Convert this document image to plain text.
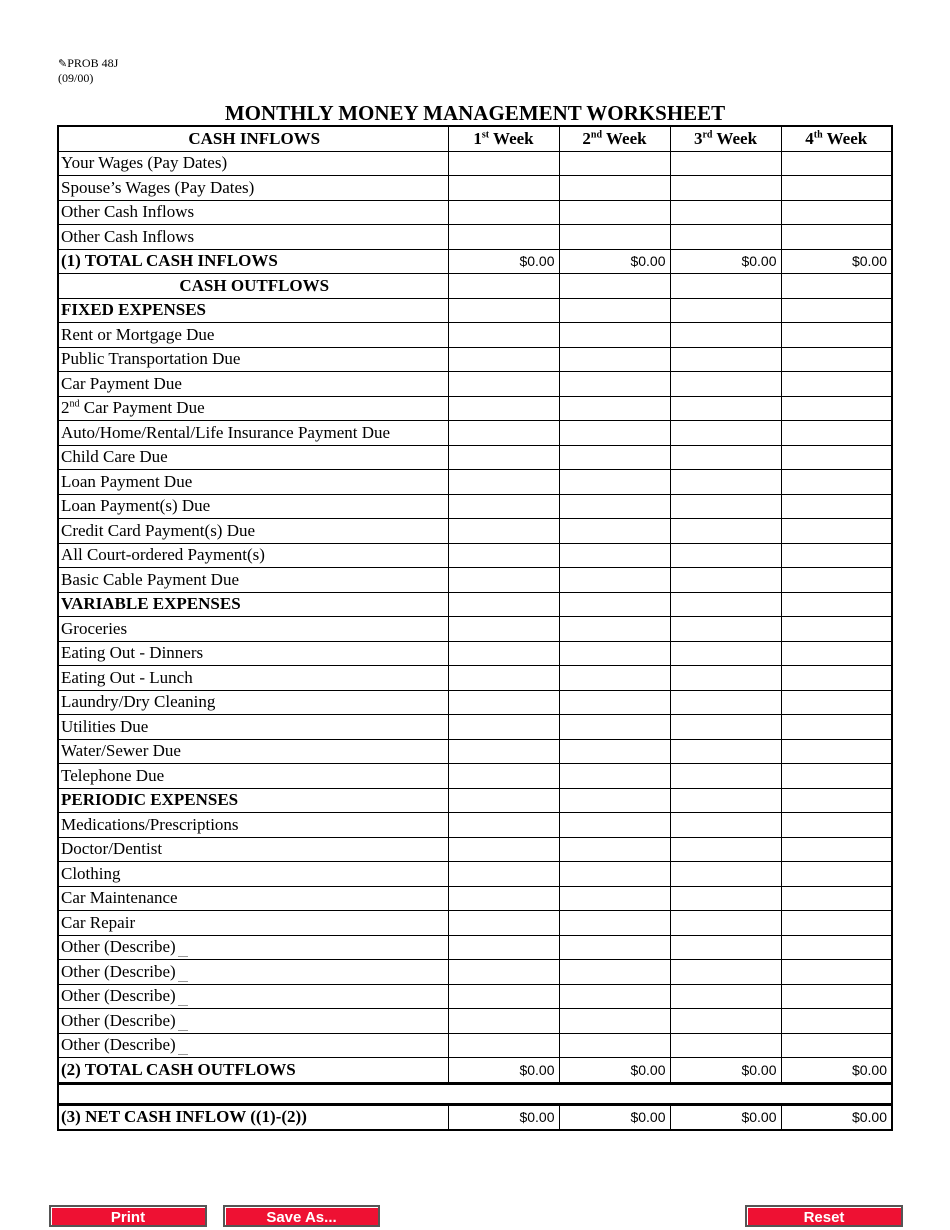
✎PROB 48J
(09/00)
MONTHLY MONEY MANAGEMENT WORKSHEET
CASH INFLOWS	1st Week	2nd Week	3rd Week	4th Week
Your Wages (Pay Dates)				
Spouse’s Wages (Pay Dates)				
Other Cash Inflows				
Other Cash Inflows				
(1) TOTAL CASH INFLOWS	$0.00	$0.00	$0.00	$0.00
CASH OUTFLOWS				
FIXED EXPENSES				
Rent or Mortgage Due				
Public Transportation Due				
Car Payment Due				
2nd Car Payment Due				
Auto/Home/Rental/Life Insurance Payment Due				
Child Care Due				
Loan Payment Due				
Loan Payment(s) Due				
Credit Card Payment(s) Due				
All Court-ordered Payment(s)				
Basic Cable Payment Due				
VARIABLE EXPENSES				
Groceries				
Eating Out - Dinners				
Eating Out - Lunch				
Laundry/Dry Cleaning				
Utilities Due				
Water/Sewer Due				
Telephone Due				
PERIODIC EXPENSES				
Medications/Prescriptions				
Doctor/Dentist				
Clothing				
Car Maintenance				
Car Repair				
Other (Describe)				
Other (Describe)				
Other (Describe)				
Other (Describe)				
Other (Describe)				
(2) TOTAL CASH OUTFLOWS	$0.00	$0.00	$0.00	$0.00

(3) NET CASH INFLOW ((1)-(2))	$0.00	$0.00	$0.00	$0.00
Print	Save As...	Reset
